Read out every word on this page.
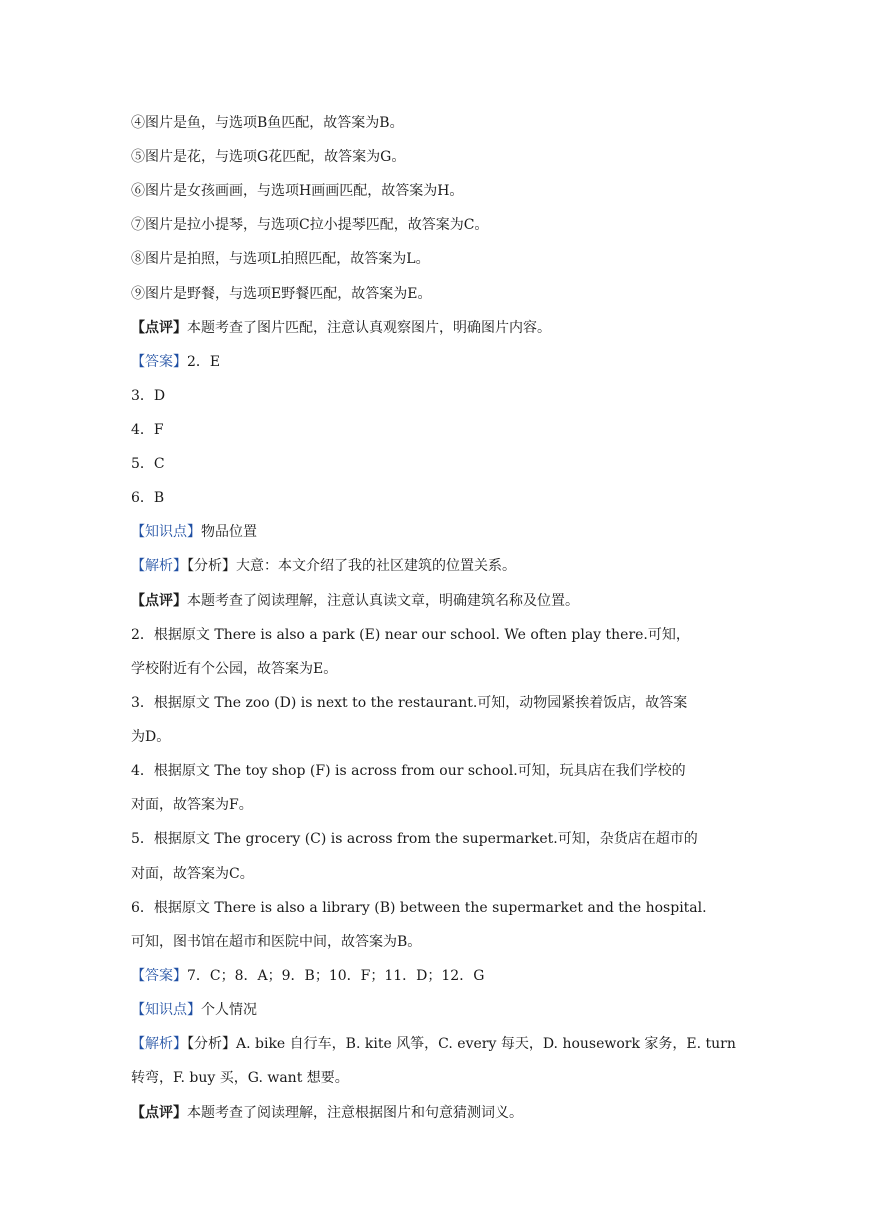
④图片是鱼，与选项B鱼匹配，故答案为B。
⑤图片是花，与选项G花匹配，故答案为G。
⑥图片是女孩画画，与选项H画画匹配，故答案为H。
⑦图片是拉小提琴，与选项C拉小提琴匹配，故答案为C。
⑧图片是拍照，与选项L拍照匹配，故答案为L。
⑨图片是野餐，与选项E野餐匹配，故答案为E。
【点评】本题考查了图片匹配，注意认真观察图片，明确图片内容。
【答案】2．E
3．D
4．F
5．C
6．B
【知识点】物品位置
【解析】【分析】大意：本文介绍了我的社区建筑的位置关系。
【点评】本题考查了阅读理解，注意认真读文章，明确建筑名称及位置。
2．根据原文 There is also a park (E) near our school. We often play there.可知，
学校附近有个公园，故答案为E。
3．根据原文 The zoo (D) is next to the restaurant.可知，动物园紧挨着饭店，故答案
为D。
4．根据原文 The toy shop (F) is across from our school.可知，玩具店在我们学校的
对面，故答案为F。
5．根据原文 The grocery (C) is across from the supermarket.可知，杂货店在超市的
对面，故答案为C。
6．根据原文 There is also a library (B) between the supermarket and the hospital.
可知，图书馆在超市和医院中间，故答案为B。
【答案】7．C；8．A；9．B；10．F；11．D；12．G
【知识点】个人情况
【解析】【分析】A. bike 自行车，B. kite 风筝，C. every 每天，D. housework 家务，E. turn
转弯，F. buy 买，G. want 想要。
【点评】本题考查了阅读理解，注意根据图片和句意猜测词义。
